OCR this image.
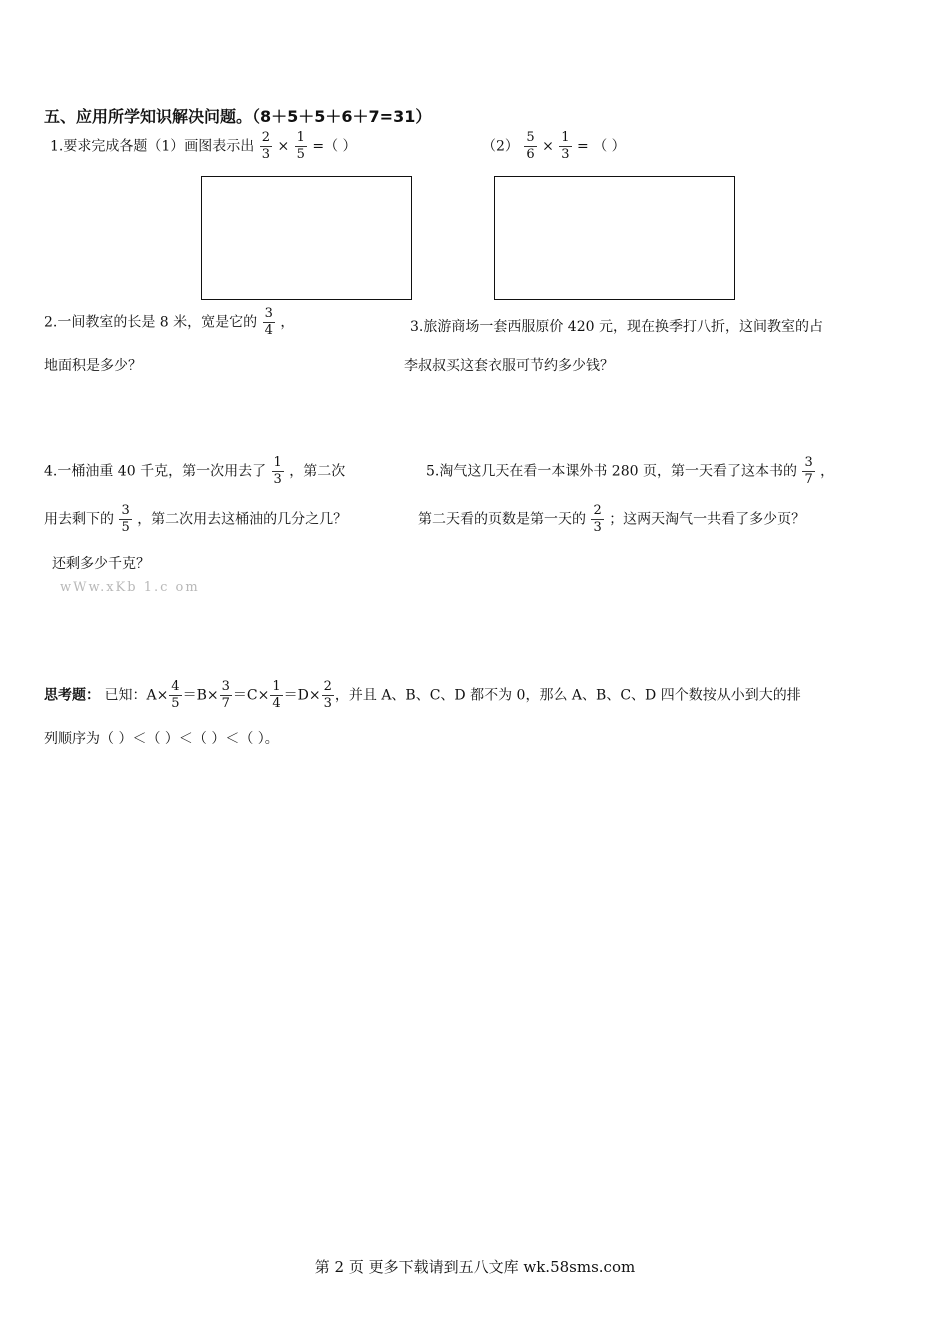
五、应用所学知识解决问题。（8＋5＋5＋6＋7=31）
1.要求完成各题（1）画图表示出 $\frac{2}{3} \times \frac{1}{5}$ =（ ）	$(2) \frac{5}{6} \times \frac{1}{3}$ = （ ）
2.一间教室的长是 8 米，宽是它的 $\frac{3}{4}$ ，
地面积是多少？
3.旅游商场一套西服原价 420 元，现在换季打八折，这间教室的占
李叔叔买这套衣服可节约多少钱？
4.一桶油重 40 千克，第一次用去了 $\frac{1}{3}$ ，第二次
用去剩下的 $\frac{3}{5}$ ，第二次用去这桶油的几分之几？
还剩多少千克？
5.淘气这几天在看一本课外书 280 页，第一天看了这本书的 $\frac{3}{7}$ ，
第二天看的页数是第一天的 $\frac{2}{3}$ ；这两天淘气一共看了多少页？
wWw.xKb 1.c om
思考题： 已知：$A\times \frac{4}{5} =B\times \frac{3}{7} =C\times \frac{1}{4} =D\times \frac{2}{3}$ ，并且 A、B、C、D 都不为 0，那么 A、B、C、D 四个数按从小到大的排
列顺序为（ ）＜（ ）＜（ ）＜（ ）。
第 2 页 更多下载请到五八文库 wk.58sms.com
